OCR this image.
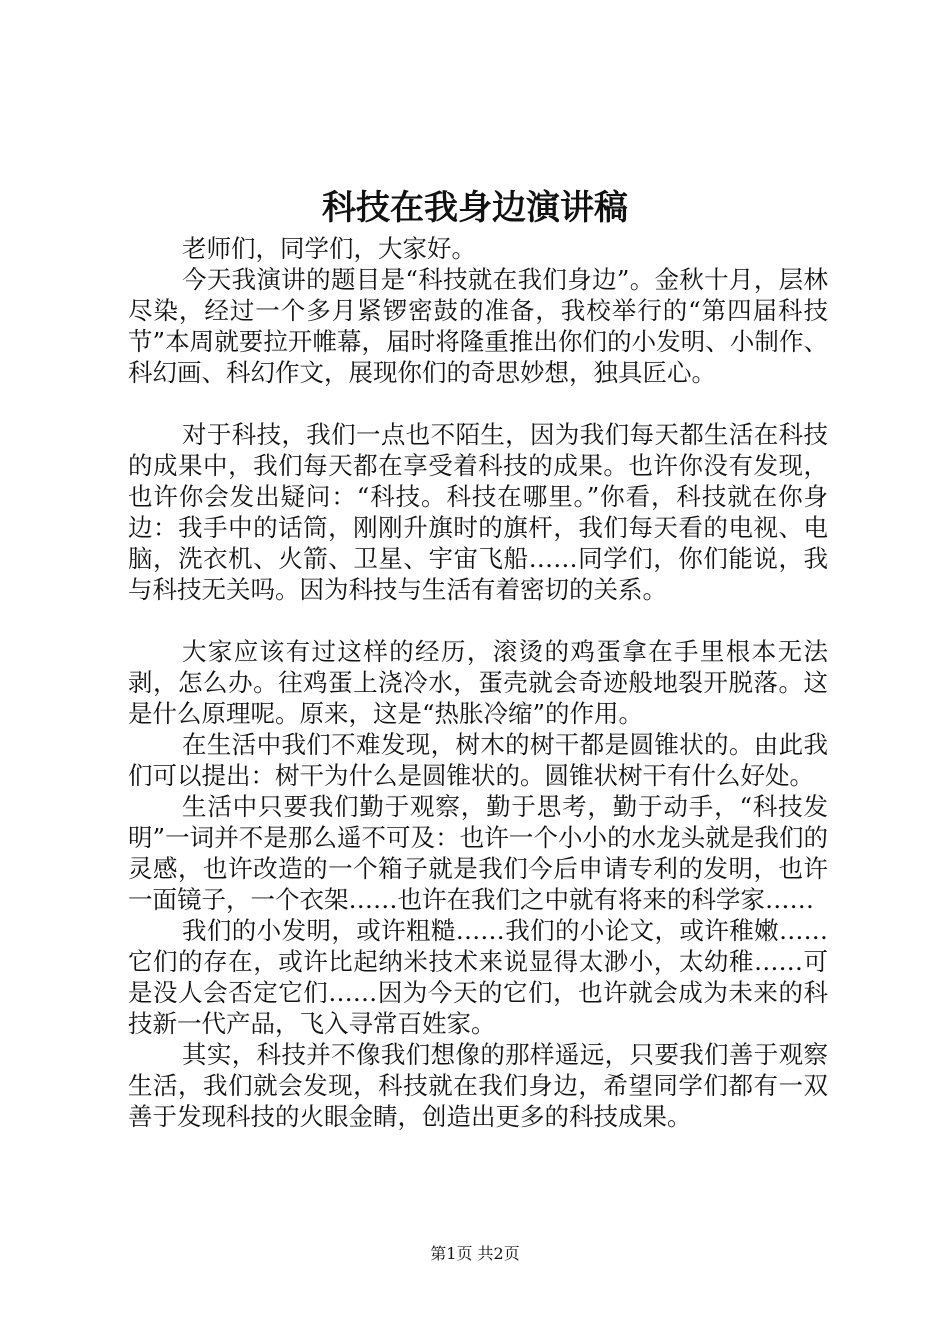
科技在我身边演讲稿

老师们，同学们，大家好。

今天我演讲的题目是“科技就在我们身边”。金秋十月，层林尽染，经过一个多月紧锣密鼓的准备，我校举行的“第四届科技节”本周就要拉开帷幕，届时将隆重推出你们的小发明、小制作、科幻画、科幻作文，展现你们的奇思妙想，独具匠心。

对于科技，我们一点也不陌生，因为我们每天都生活在科技的成果中，我们每天都在享受着科技的成果。也许你没有发现，也许你会发出疑问：“科技。科技在哪里。”你看，科技就在你身边：我手中的话筒，刚刚升旗时的旗杆，我们每天看的电视、电脑，洗衣机、火箭、卫星、宇宙飞船……同学们，你们能说，我与科技无关吗。因为科技与生活有着密切的关系。

大家应该有过这样的经历，滚烫的鸡蛋拿在手里根本无法剥，怎么办。往鸡蛋上浇冷水，蛋壳就会奇迹般地裂开脱落。这是什么原理呢。原来，这是“热胀冷缩”的作用。

在生活中我们不难发现，树木的树干都是圆锥状的。由此我们可以提出：树干为什么是圆锥状的。圆锥状树干有什么好处。

生活中只要我们勤于观察，勤于思考，勤于动手，“科技发明”一词并不是那么遥不可及：也许一个小小的水龙头就是我们的灵感，也许改造的一个箱子就是我们今后申请专利的发明，也许一面镜子，一个衣架……也许在我们之中就有将来的科学家……

我们的小发明，或许粗糙……我们的小论文，或许稚嫩……它们的存在，或许比起纳米技术来说显得太渺小，太幼稚……可是没人会否定它们……因为今天的它们，也许就会成为未来的科技新一代产品，飞入寻常百姓家。

其实，科技并不像我们想像的那样遥远，只要我们善于观察生活，我们就会发现，科技就在我们身边，希望同学们都有一双善于发现科技的火眼金睛，创造出更多的科技成果。

第1页 共2页
